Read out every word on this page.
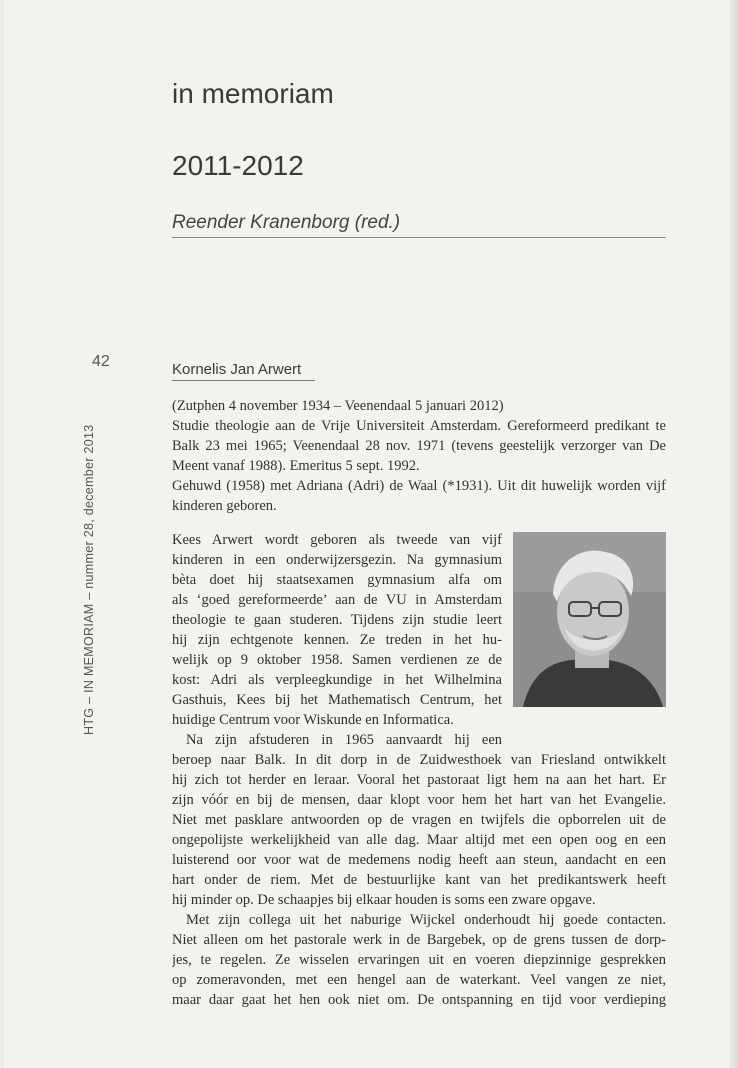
in memoriam
2011-2012
Reender Kranenborg (red.)
42	Kornelis Jan Arwert

(Zutphen 4 november 1934 – Veenendaal 5 januari 2012)

Studie theologie aan de Vrije Universiteit Amsterdam. Gereformeerd predikant te Balk 23 mei 1965; Veenendaal 28 nov. 1971 (tevens geestelijk verzorger van De Meent vanaf 1988). Emeritus 5 sept. 1992.

Gehuwd (1958) met Adriana (Adri) de Waal (*1931). Uit dit huwelijk worden vijf kinderen geboren.

Kees Arwert wordt geboren als tweede van vijf
kinderen in een onderwijzersgezin. Na gymnasium
bèta doet hij staatsexamen gymnasium alfa om
als ‘goed gereformeerde’ aan de VU in Amsterdam
theologie te gaan studeren. Tijdens zijn studie leert
hij zijn echtgenote kennen. Ze treden in het hu-
welijk op 9 oktober 1958. Samen verdienen ze de
kost: Adri als verpleegkundige in het Wilhelmina
Gasthuis, Kees bij het Mathematisch Centrum, het
huidige Centrum voor Wiskunde en Informatica.
Na zijn afstuderen in 1965 aanvaardt hij een
beroep naar Balk. In dit dorp in de Zuidwesthoek van Friesland ontwikkelt
hij zich tot herder en leraar. Vooral het pastoraat ligt hem na aan het hart. Er
zijn vóór en bij de mensen, daar klopt voor hem het hart van het Evangelie.
Niet met pasklare antwoorden op de vragen en twijfels die opborrelen uit de
ongepolijste werkelijkheid van alle dag. Maar altijd met een open oog en een
luisterend oor voor wat de medemens nodig heeft aan steun, aandacht en een
hart onder de riem. Met de bestuurlijke kant van het predikantswerk heeft
hij minder op. De schaapjes bij elkaar houden is soms een zware opgave.
Met zijn collega uit het naburige Wijckel onderhoudt hij goede contacten.
Niet alleen om het pastorale werk in de Bargebek, op de grens tussen de dorp-
jes, te regelen. Ze wisselen ervaringen uit en voeren diepzinnige gesprekken
op zomeravonden, met een hengel aan de waterkant. Veel vangen ze niet,
maar daar gaat het hen ook niet om. De ontspanning en tijd voor verdieping
HTG – IN MEMORIAM – nummer 28, december 2013
